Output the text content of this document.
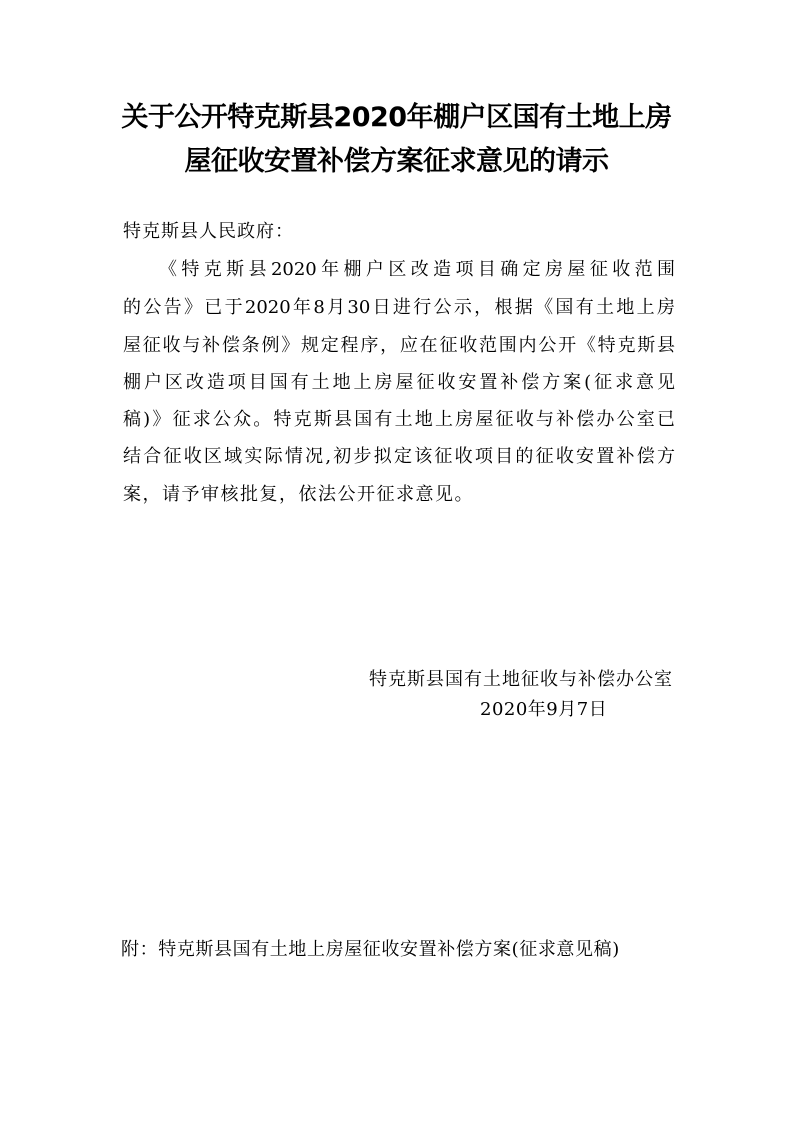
关于公开特克斯县2020年棚户区国有土地上房
屋征收安置补偿方案征求意见的请示
特克斯县人民政府：
《特克斯县2020年棚户区改造项目确定房屋征收范围
的公告》已于2020年8月30日进行公示，根据《国有土地上房
屋征收与补偿条例》规定程序，应在征收范围内公开《特克斯县
棚户区改造项目国有土地上房屋征收安置补偿方案(征求意见
稿)》征求公众。特克斯县国有土地上房屋征收与补偿办公室已
结合征收区域实际情况,初步拟定该征收项目的征收安置补偿方
案，请予审核批复，依法公开征求意见。
特克斯县国有土地征收与补偿办公室
2020年9月7日
附：特克斯县国有土地上房屋征收安置补偿方案(征求意见稿)
